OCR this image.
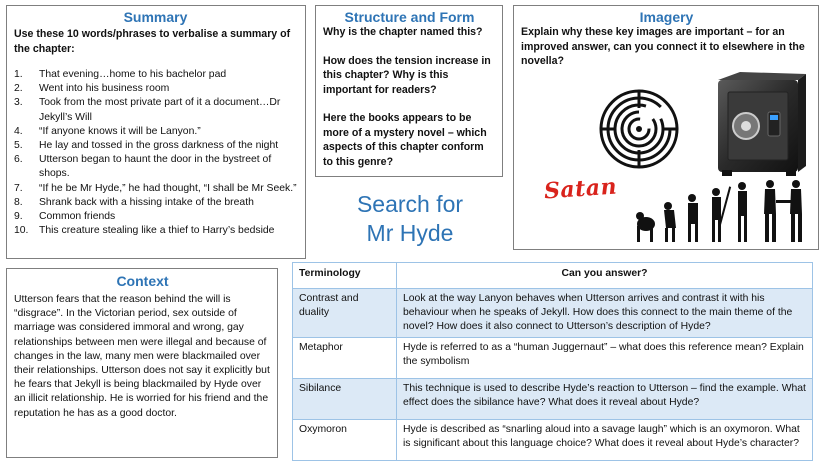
Summary
Use these 10 words/phrases to verbalise a summary of the chapter:
1.	That evening…home to his bachelor pad
2.	Went into his business room
3.	Took from the most private part of it a document…Dr Jekyll’s Will
4.	“If anyone knows it will be Lanyon.”
5.	He lay and tossed in the gross darkness of the night
6.	Utterson began to haunt the door in the bystreet of shops.
7.	“If he be Mr Hyde,” he had thought, “I shall be Mr Seek.”
8.	Shrank back with a hissing intake of the breath
9.	Common friends
10.	This creature stealing like a thief to Harry’s bedside
Structure and Form

Why is the chapter named this?

How does the tension increase in this chapter? Why is this important for readers?

Here the books appears to be more of a mystery novel – which aspects of this chapter conform to this genre?

Imagery
Explain why these key images are important – for an improved answer, can you connect it to elsewhere in the novella?
Satan
Search for
Mr Hyde
Context
Utterson fears that the reason behind the will is “disgrace”. In the Victorian period, sex outside of marriage was considered immoral and wrong, gay relationships between men were illegal and because of changes in the law, many men were blackmailed over their relationships. Utterson does not say it explicitly but he fears that Jekyll is being blackmailed by Hyde over an illicit relationship. He is worried for his friend and the reputation he has as a good doctor.
Terminology	Can you answer?
Contrast and duality	Look at the way Lanyon behaves when Utterson arrives and contrast it with his behaviour when he speaks of Jekyll. How does this connect to the main theme of the novel? How does it also connect to Utterson’s description of Hyde?
Metaphor	Hyde is referred to as a “human Juggernaut” – what does this reference mean? Explain the symbolism
Sibilance	This technique is used to describe Hyde’s reaction to Utterson – find the example. What effect does the sibilance have? What does it reveal about Hyde?
Oxymoron	Hyde is described as “snarling aloud into a savage laugh” which is an oxymoron. What is significant about this language choice? What does it reveal about Hyde’s character?
